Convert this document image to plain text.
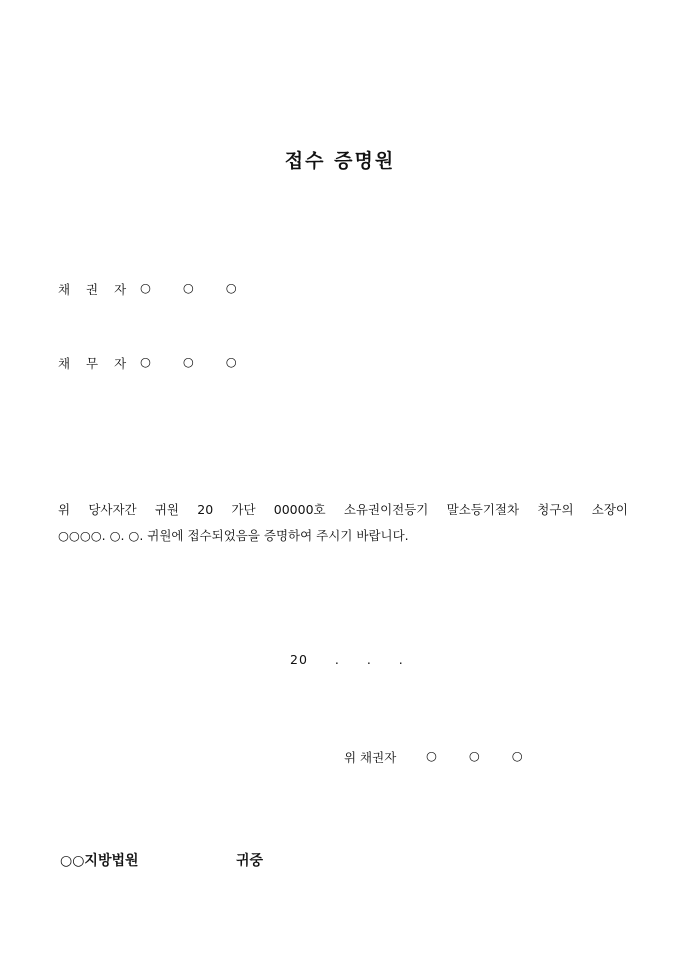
접수 증명원
채 권 자 ○ ○ ○
채 무 자 ○ ○ ○
위 당사자간 귀원 20 가단 00000호 소유권이전등기 말소등기절차 청구의 소장이
○○○○. ○. ○. 귀원에 접수되었음을 증명하여 주시기 바랍니다.
20 . . .
위 채권자 ○ ○ ○
○○지방법원	귀중
